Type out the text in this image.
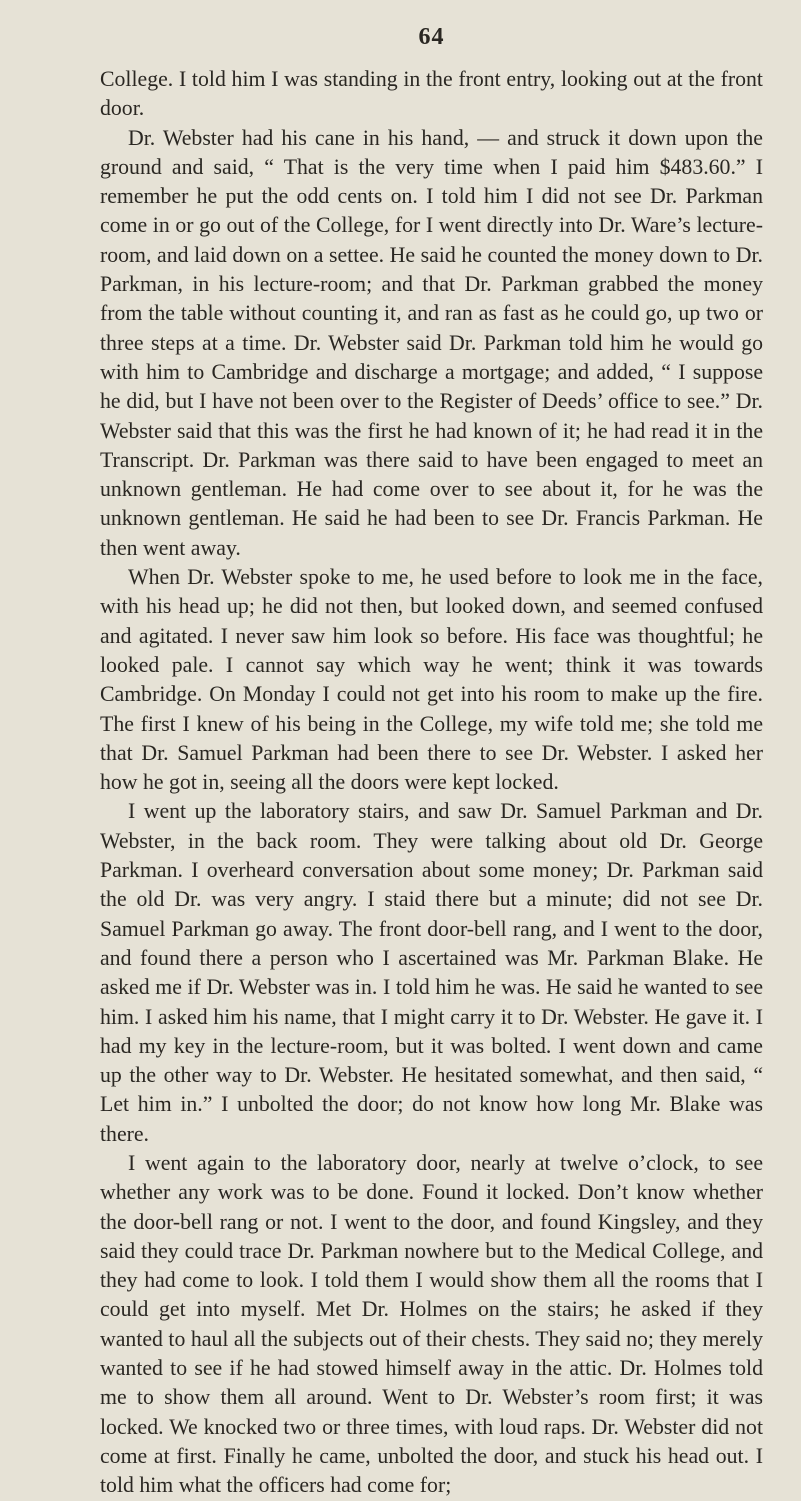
64

College. I told him I was standing in the front entry, looking out at the front door.

Dr. Webster had his cane in his hand, — and struck it down upon the ground and said, “ That is the very time when I paid him $483.60.” I remember he put the odd cents on. I told him I did not see Dr. Parkman come in or go out of the College, for I went directly into Dr. Ware’s lecture-room, and laid down on a settee. He said he counted the money down to Dr. Parkman, in his lecture-room; and that Dr. Parkman grabbed the money from the table without counting it, and ran as fast as he could go, up two or three steps at a time. Dr. Webster said Dr. Parkman told him he would go with him to Cambridge and discharge a mortgage; and added, “ I suppose he did, but I have not been over to the Register of Deeds’ office to see.” Dr. Webster said that this was the first he had known of it; he had read it in the Transcript. Dr. Parkman was there said to have been engaged to meet an unknown gentleman. He had come over to see about it, for he was the unknown gentleman. He said he had been to see Dr. Francis Parkman. He then went away.

When Dr. Webster spoke to me, he used before to look me in the face, with his head up; he did not then, but looked down, and seemed confused and agitated. I never saw him look so before. His face was thoughtful; he looked pale. I cannot say which way he went; think it was towards Cambridge. On Monday I could not get into his room to make up the fire. The first I knew of his being in the College, my wife told me; she told me that Dr. Samuel Parkman had been there to see Dr. Webster. I asked her how he got in, seeing all the doors were kept locked.

I went up the laboratory stairs, and saw Dr. Samuel Parkman and Dr. Webster, in the back room. They were talking about old Dr. George Parkman. I overheard conversation about some money; Dr. Parkman said the old Dr. was very angry. I staid there but a minute; did not see Dr. Samuel Parkman go away. The front door-bell rang, and I went to the door, and found there a person who I ascertained was Mr. Parkman Blake. He asked me if Dr. Webster was in. I told him he was. He said he wanted to see him. I asked him his name, that I might carry it to Dr. Webster. He gave it. I had my key in the lecture-room, but it was bolted. I went down and came up the other way to Dr. Webster. He hesitated somewhat, and then said, “ Let him in.” I unbolted the door; do not know how long Mr. Blake was there.

I went again to the laboratory door, nearly at twelve o’clock, to see whether any work was to be done. Found it locked. Don’t know whether the door-bell rang or not. I went to the door, and found Kingsley, and they said they could trace Dr. Parkman nowhere but to the Medical College, and they had come to look. I told them I would show them all the rooms that I could get into myself. Met Dr. Holmes on the stairs; he asked if they wanted to haul all the subjects out of their chests. They said no; they merely wanted to see if he had stowed himself away in the attic. Dr. Holmes told me to show them all around. Went to Dr. Webster’s room first; it was locked. We knocked two or three times, with loud raps. Dr. Webster did not come at first. Finally he came, unbolted the door, and stuck his head out. I told him what the officers had come for;
